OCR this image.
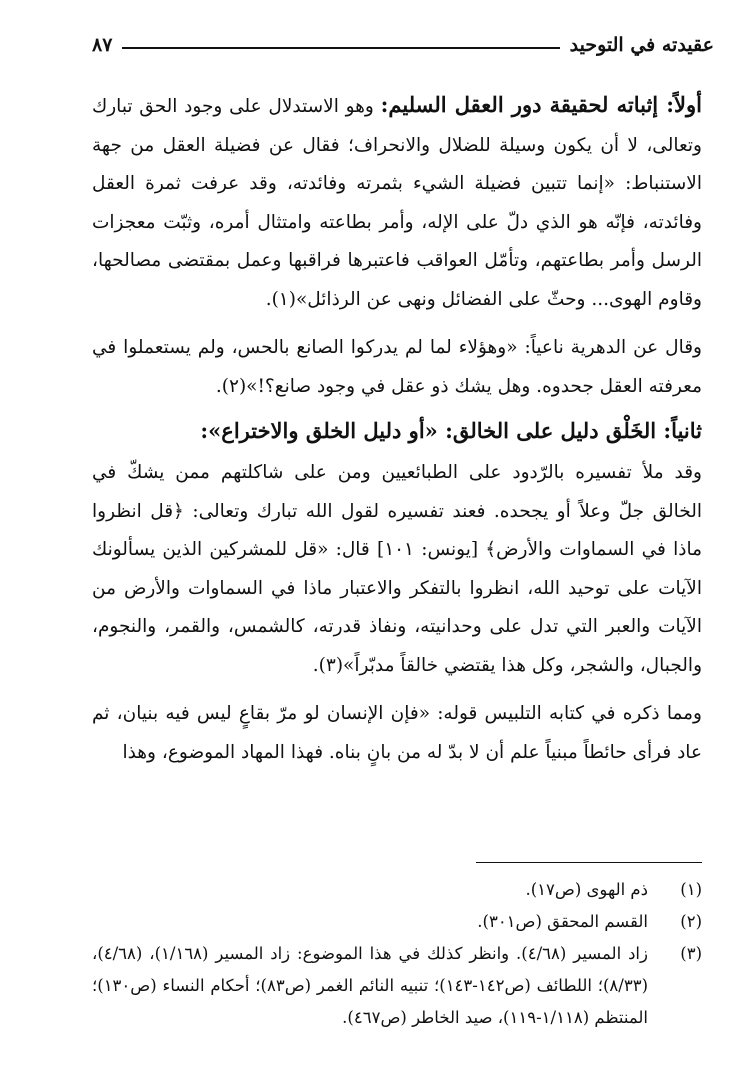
عقيدته في التوحيد
٨٧

أولاً: إثباته لحقيقة دور العقل السليم: وهو الاستدلال على وجود الحق تبارك وتعالى، لا أن يكون وسيلة للضلال والانحراف؛ فقال عن فضيلة العقل من جهة الاستنباط: «إنما تتبين فضيلة الشيء بثمرته وفائدته، وقد عرفت ثمرة العقل وفائدته، فإنّه هو الذي دلّ على الإله، وأمر بطاعته وامتثال أمره، وثبّت معجزات الرسل وأمر بطاعتهم، وتأمّل العواقب فاعتبرها فراقبها وعمل بمقتضى مصالحها، وقاوم الهوى... وحثّ على الفضائل ونهى عن الرذائل»(١).

وقال عن الدهرية ناعياً: «وهؤلاء لما لم يدركوا الصانع بالحس، ولم يستعملوا في معرفته العقل جحدوه. وهل يشك ذو عقل في وجود صانع؟!»(٢).

ثانياً: الخَلْق دليل على الخالق: «أو دليل الخلق والاختراع»:

وقد ملأ تفسيره بالرّدود على الطبائعيين ومن على شاكلتهم ممن يشكّ في الخالق جلّ وعلاً أو يجحده. فعند تفسيره لقول الله تبارك وتعالى: ﴿قل انظروا ماذا في السماوات والأرض﴾ [يونس: ١٠١] قال: «قل للمشركين الذين يسألونك الآيات على توحيد الله، انظروا بالتفكر والاعتبار ماذا في السماوات والأرض من الآيات والعبر التي تدل على وحدانيته، ونفاذ قدرته، كالشمس، والقمر، والنجوم، والجبال، والشجر، وكل هذا يقتضي خالقاً مدبّراً»(٣).

ومما ذكره في كتابه التلبيس قوله: «فإن الإنسان لو مرّ بقاعٍ ليس فيه بنيان، ثم عاد فرأى حائطاً مبنياً علم أن لا بدّ له من بانٍ بناه. فهذا المهاد الموضوع، وهذا

(١)
ذم الهوى (ص١٧).
(٢)
القسم المحقق (ص٣٠١).
(٣)
زاد المسير (٤/٦٨). وانظر كذلك في هذا الموضوع: زاد المسير (١/١٦٨)، (٤/٦٨)، (٨/٣٣)؛ اللطائف (ص١٤٢-١٤٣)؛ تنبيه النائم الغمر (ص٨٣)؛ أحكام النساء (ص١٣٠)؛ المنتظم (١/١١٨-١١٩)، صيد الخاطر (ص٤٦٧).
